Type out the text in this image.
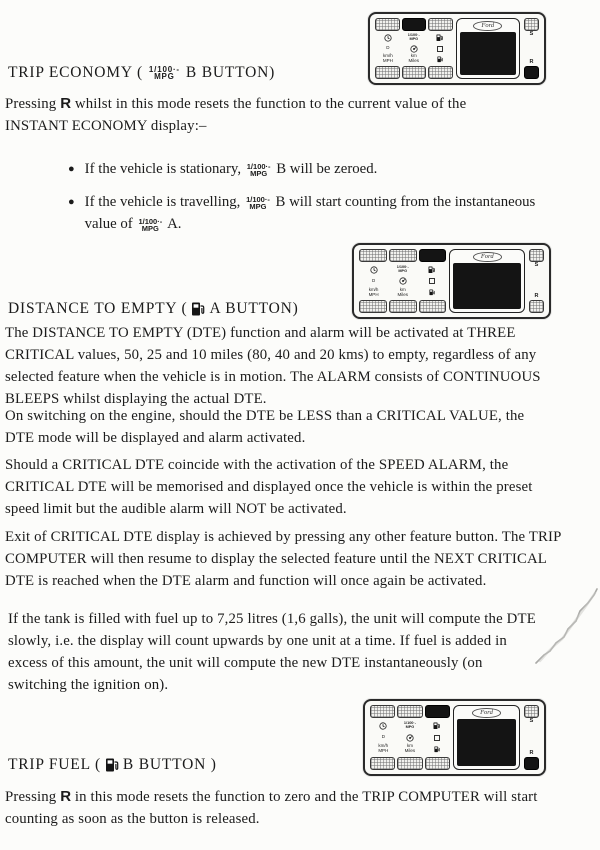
TRIP ECONOMY ( 1/100·-
MPG B BUTTON)
1/100·-
MPG
D
km/h
MPH
km
Miles
Ford
S
R

Pressing R whilst in this mode resets the function to the current value of the INSTANT ECONOMY display:–

● If the vehicle is stationary, 1/100·-
MPG B will be zeroed.
● If the vehicle is travelling, 1/100·-
MPG B will start counting from the instantaneous
value of 1/100·-
MPG A.
1/100·-
MPG
D
km/h
MPH
km
Miles
Ford
S
R
DISTANCE TO EMPTY ( A BUTTON)

The DISTANCE TO EMPTY (DTE) function and alarm will be activated at THREE CRITICAL values, 50, 25 and 10 miles (80, 40 and 20 kms) to empty, regardless of any selected feature when the vehicle is in motion. The ALARM consists of CONTINUOUS BLEEPS whilst displaying the actual DTE.

On switching on the engine, should the DTE be LESS than a CRITICAL VALUE, the DTE mode will be displayed and alarm activated.

Should a CRITICAL DTE coincide with the activation of the SPEED ALARM, the CRITICAL DTE will be memorised and displayed once the vehicle is within the preset speed limit but the audible alarm will NOT be activated.

Exit of CRITICAL DTE display is achieved by pressing any other feature button. The TRIP COMPUTER will then resume to display the selected feature until the NEXT CRITICAL DTE is reached when the DTE alarm and function will once again be activated.

If the tank is filled with fuel up to 7,25 litres (1,6 galls), the unit will compute the DTE slowly, i.e. the display will count upwards by one unit at a time. If fuel is added in excess of this amount, the unit will compute the new DTE instantaneously (on switching the ignition on).

1/100·-
MPG
D
km/h
MPH
km
Miles
Ford
S
R
TRIP FUEL ( B BUTTON )

Pressing R in this mode resets the function to zero and the TRIP COMPUTER will start counting as soon as the button is released.
